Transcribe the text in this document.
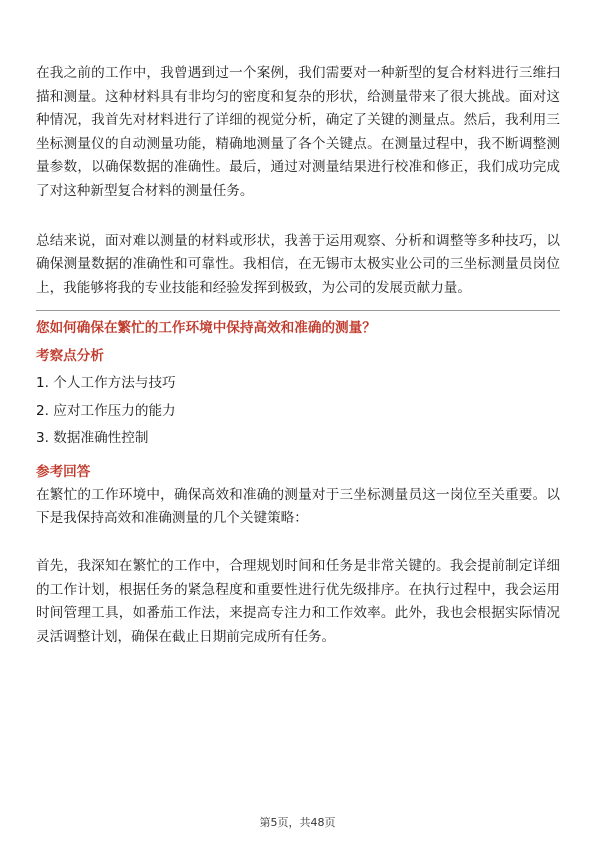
在我之前的工作中，我曾遇到过一个案例，我们需要对一种新型的复合材料进行三维扫描和测量。这种材料具有非均匀的密度和复杂的形状，给测量带来了很大挑战。面对这种情况，我首先对材料进行了详细的视觉分析，确定了关键的测量点。然后，我利用三坐标测量仪的自动测量功能，精确地测量了各个关键点。在测量过程中，我不断调整测量参数，以确保数据的准确性。最后，通过对测量结果进行校准和修正，我们成功完成了对这种新型复合材料的测量任务。

总结来说，面对难以测量的材料或形状，我善于运用观察、分析和调整等多种技巧，以确保测量数据的准确性和可靠性。我相信，在无锡市太极实业公司的三坐标测量员岗位上，我能够将我的专业技能和经验发挥到极致，为公司的发展贡献力量。

您如何确保在繁忙的工作环境中保持高效和准确的测量？

考察点分析

1. 个人工作方法与技巧
2. 应对工作压力的能力
3. 数据准确性控制

参考回答

在繁忙的工作环境中，确保高效和准确的测量对于三坐标测量员这一岗位至关重要。以下是我保持高效和准确测量的几个关键策略：

首先，我深知在繁忙的工作中，合理规划时间和任务是非常关键的。我会提前制定详细的工作计划，根据任务的紧急程度和重要性进行优先级排序。在执行过程中，我会运用时间管理工具，如番茄工作法，来提高专注力和工作效率。此外，我也会根据实际情况灵活调整计划，确保在截止日期前完成所有任务。

第5页，共48页
